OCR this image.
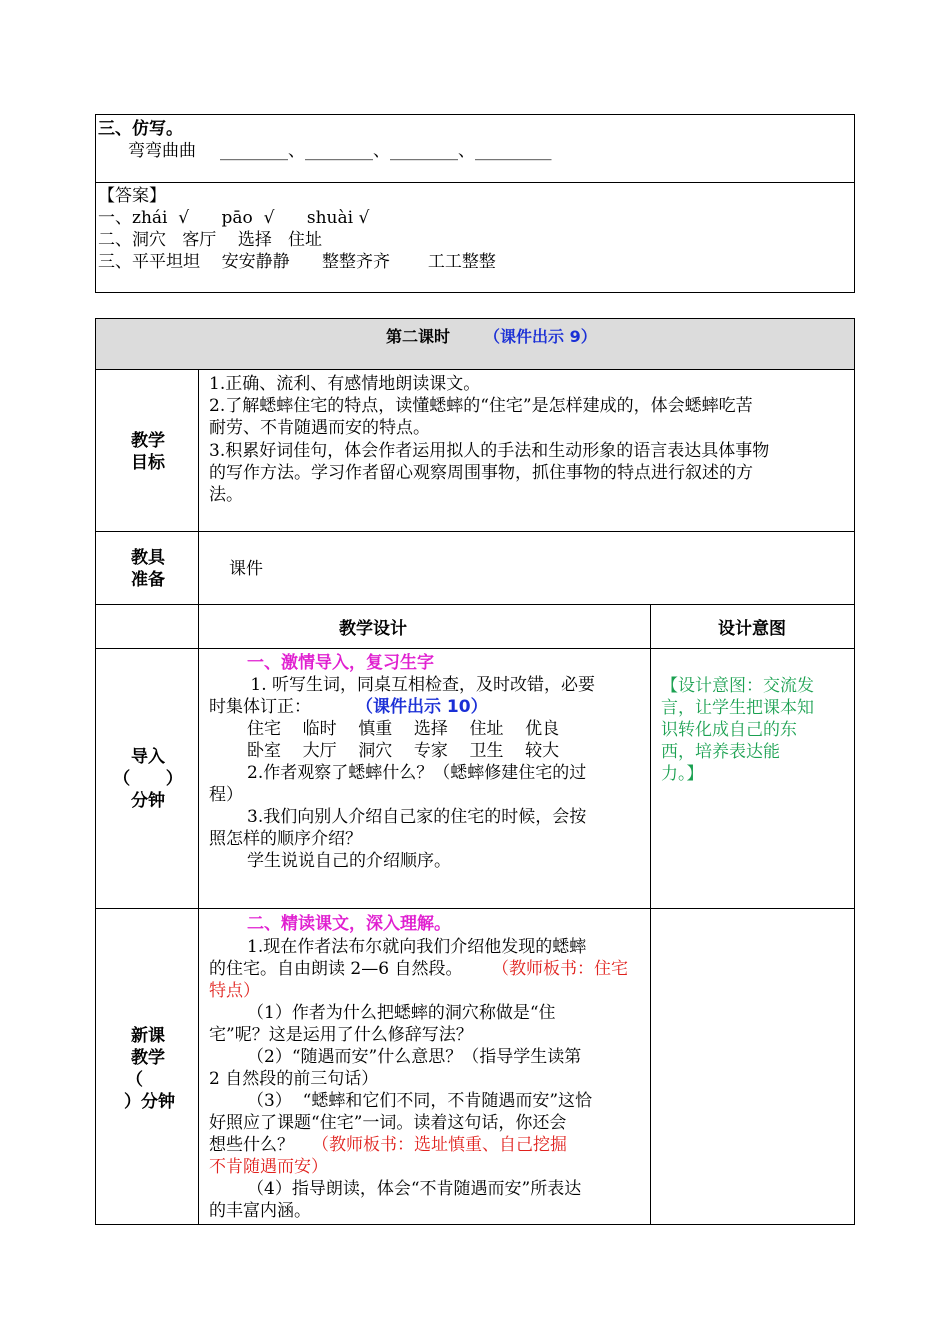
三、仿写。
弯弯曲曲 ________、________、________、_________
【答案】
一、zhái  √      pāo  √      shuài √
二、洞穴   客厅    选择   住址
三、平平坦坦    安安静静      整整齐齐       工工整整
第二课时 （课件出示 9）
教学
目标
1.正确、流利、有感情地朗读课文。
2.了解蟋蟀住宅的特点，读懂蟋蟀的“住宅”是怎样建成的，体会蟋蟀吃苦
耐劳、不肯随遇而安的特点。
3.积累好词佳句，体会作者运用拟人的手法和生动形象的语言表达具体事物
的写作方法。学习作者留心观察周围事物，抓住事物的特点进行叙述的方
法。
教具
准备
课件
教学设计	设计意图
导入
（      ）
分钟
一、激情导入，复习生字
1. 听写生词，同桌互相检查，及时改错，必要
时集体订正：	（课件出示 10）
住宅    临时    慎重    选择    住址    优良
卧室    大厅    洞穴    专家    卫生    较大
2.作者观察了蟋蟀什么？（蟋蟀修建住宅的过
程）
3.我们向别人介绍自己家的住宅的时候，会按
照怎样的顺序介绍？
学生说说自己的介绍顺序。
【设计意图：交流发
言，让学生把课本知
识转化成自己的东
西，培养表达能
力。】
新课
教学
（
）分钟
二、精读课文，深入理解。
1.现在作者法布尔就向我们介绍他发现的蟋蟀
的住宅。自由朗读 2—6 自然段。 （教师板书：住宅
特点）
（1）作者为什么把蟋蟀的洞穴称做是“住
宅”呢？这是运用了什么修辞写法？
（2）“随遇而安”什么意思？（指导学生读第
2 自然段的前三句话）
（3）  “蟋蟀和它们不同，不肯随遇而安”这恰
好照应了课题“住宅”一词。读着这句话，你还会
想些什么？ （教师板书：选址慎重、自己挖掘
不肯随遇而安）
（4）指导朗读，体会“不肯随遇而安”所表达
的丰富内涵。
